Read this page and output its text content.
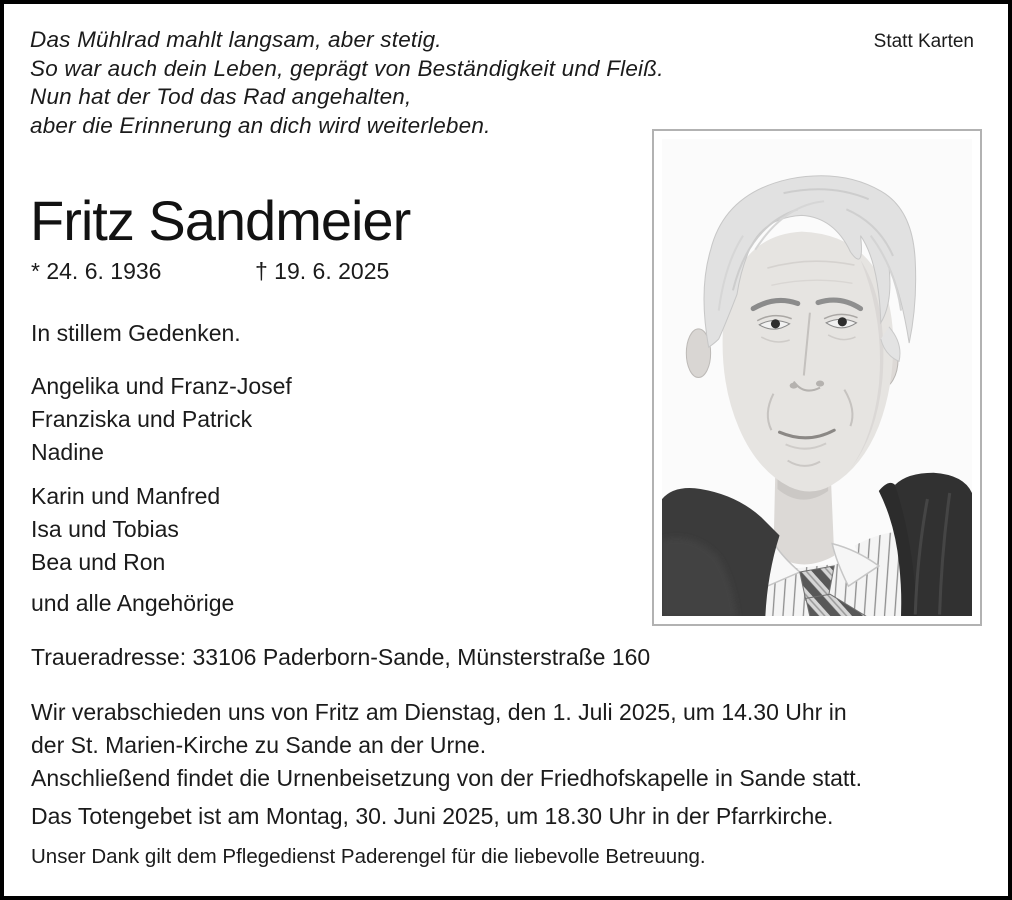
Das Mühlrad mahlt langsam, aber stetig.
So war auch dein Leben, geprägt von Beständigkeit und Fleiß.
Nun hat der Tod das Rad angehalten,
aber die Erinnerung an dich wird weiterleben.
Statt Karten
Fritz Sandmeier
* 24. 6. 1936	† 19. 6. 2025
In stillem Gedenken.
Angelika und Franz-Josef
Franziska und Patrick
Nadine
Karin und Manfred
Isa und Tobias
Bea und Ron
und alle Angehörige
Traueradresse: 33106 Paderborn-Sande, Münsterstraße 160
Wir verabschieden uns von Fritz am Dienstag, den 1. Juli 2025, um 14.30 Uhr in
der St. Marien-Kirche zu Sande an der Urne.
Anschließend findet die Urnenbeisetzung von der Friedhofskapelle in Sande statt.
Das Totengebet ist am Montag, 30. Juni 2025, um 18.30 Uhr in der Pfarrkirche.
Unser Dank gilt dem Pflegedienst Paderengel für die liebevolle Betreuung.
